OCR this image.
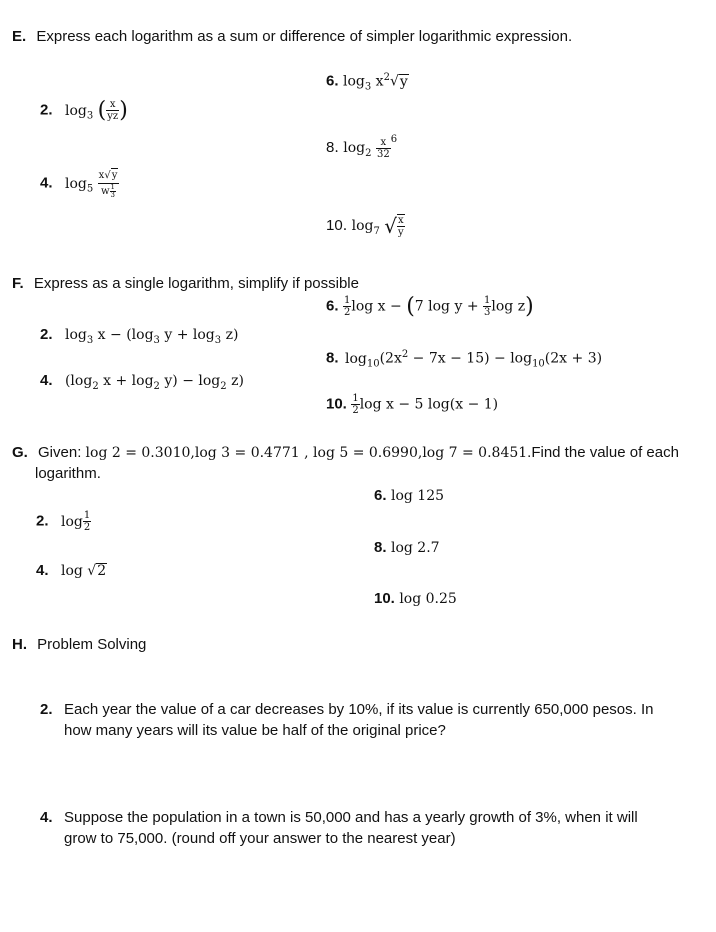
E. Express each logarithm as a sum or difference of simpler logarithmic expression.
6. $\log_3 x^2√y$
2. $\log_3$ ( $\frac{x}{yz}$ )
8. $\log_2 \frac{x}{32} ^6$
4. $\log_5 \frac{x√y}{w \frac{1}{3}}$
10. $\log_7$ √ $\frac{x}{y}$
F. Express as a single logarithm, simplify if possible
6. $\frac{1}{2}$ log x − (7 $\log y + \frac{1}{3}$ log z)
2. $\log_3 x - (\log_3$ $y + \log_3 z$)
8. $\log_{10}(2x^2 - 7x - 15) - \log_{10}(2x + 3)$
4. ($\log_2$ $x + \log_2 y) - \log_2 z$)
10. $\frac{1}{2}$ log x − 5 log(x − 1)
G. Given: log 2 = 0.3010,log 3 = 0.4771 , log 5 = 0.6990,log 7 = 0.8451.Find the value of each
logarithm.
6. log 125
2. $\log \frac{1}{2}$
8. log 2.7
4. log √2
10. log 0.25
H. Problem Solving
2. Each year the value of a car decreases by 10%, if its value is currently 650,000 pesos. In
how many years will its value be half of the original price?
4. Suppose the population in a town is 50,000 and has a yearly growth of 3%, when it will
grow to 75,000. (round off your answer to the nearest year)
